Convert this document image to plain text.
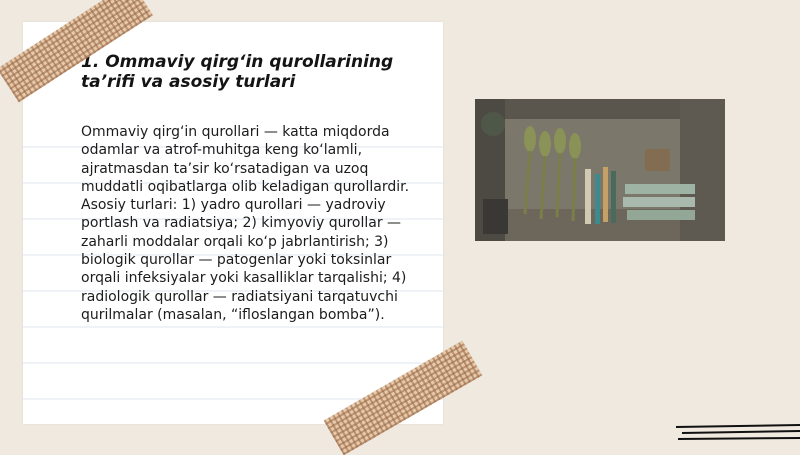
1. Ommaviy qirg‘in qurollarining ta’rifi va asosiy turlari

Ommaviy qirg‘in qurollari — katta miqdorda odamlar va atrof-muhitga keng ko‘lamli, ajratmasdan ta’sir ko‘rsatadigan va uzoq muddatli oqibatlarga olib keladigan qurollardir. Asosiy turlari: 1) yadro qurollari — yadroviy portlash va radiatsiya; 2) kimyoviy qurollar — zaharli moddalar orqali ko‘p jabrlantirish; 3) biologik qurollar — patogenlar yoki toksinlar orqali infeksiyalar yoki kasalliklar tarqalishi; 4) radiologik qurollar — radiatsiyani tarqatuvchi qurilmalar (masalan, “ifloslangan bomba”).
